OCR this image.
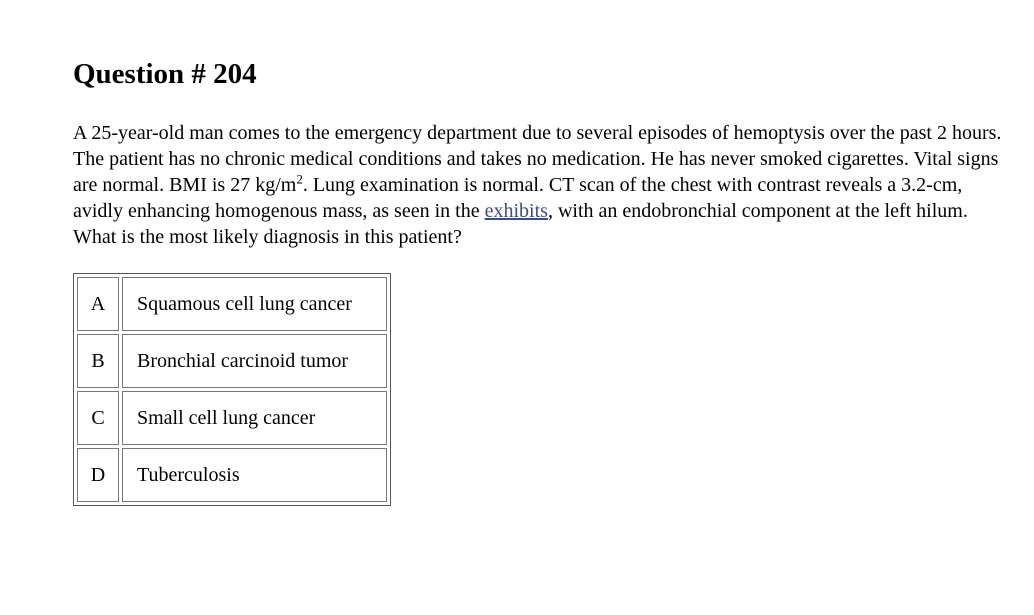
Question # 204

A 25-year-old man comes to the emergency department due to several episodes of hemoptysis over the past 2 hours. The patient has no chronic medical conditions and takes no medication. He has never smoked cigarettes. Vital signs are normal. BMI is 27 $kg/m^2$. Lung examination is normal. CT scan of the chest with contrast reveals a 3.2-cm, avidly enhancing homogenous mass, as seen in the exhibits, with an endobronchial component at the left hilum. What is the most likely diagnosis in this patient?

A	Squamous cell lung cancer
B	Bronchial carcinoid tumor
C	Small cell lung cancer
D	Tuberculosis
